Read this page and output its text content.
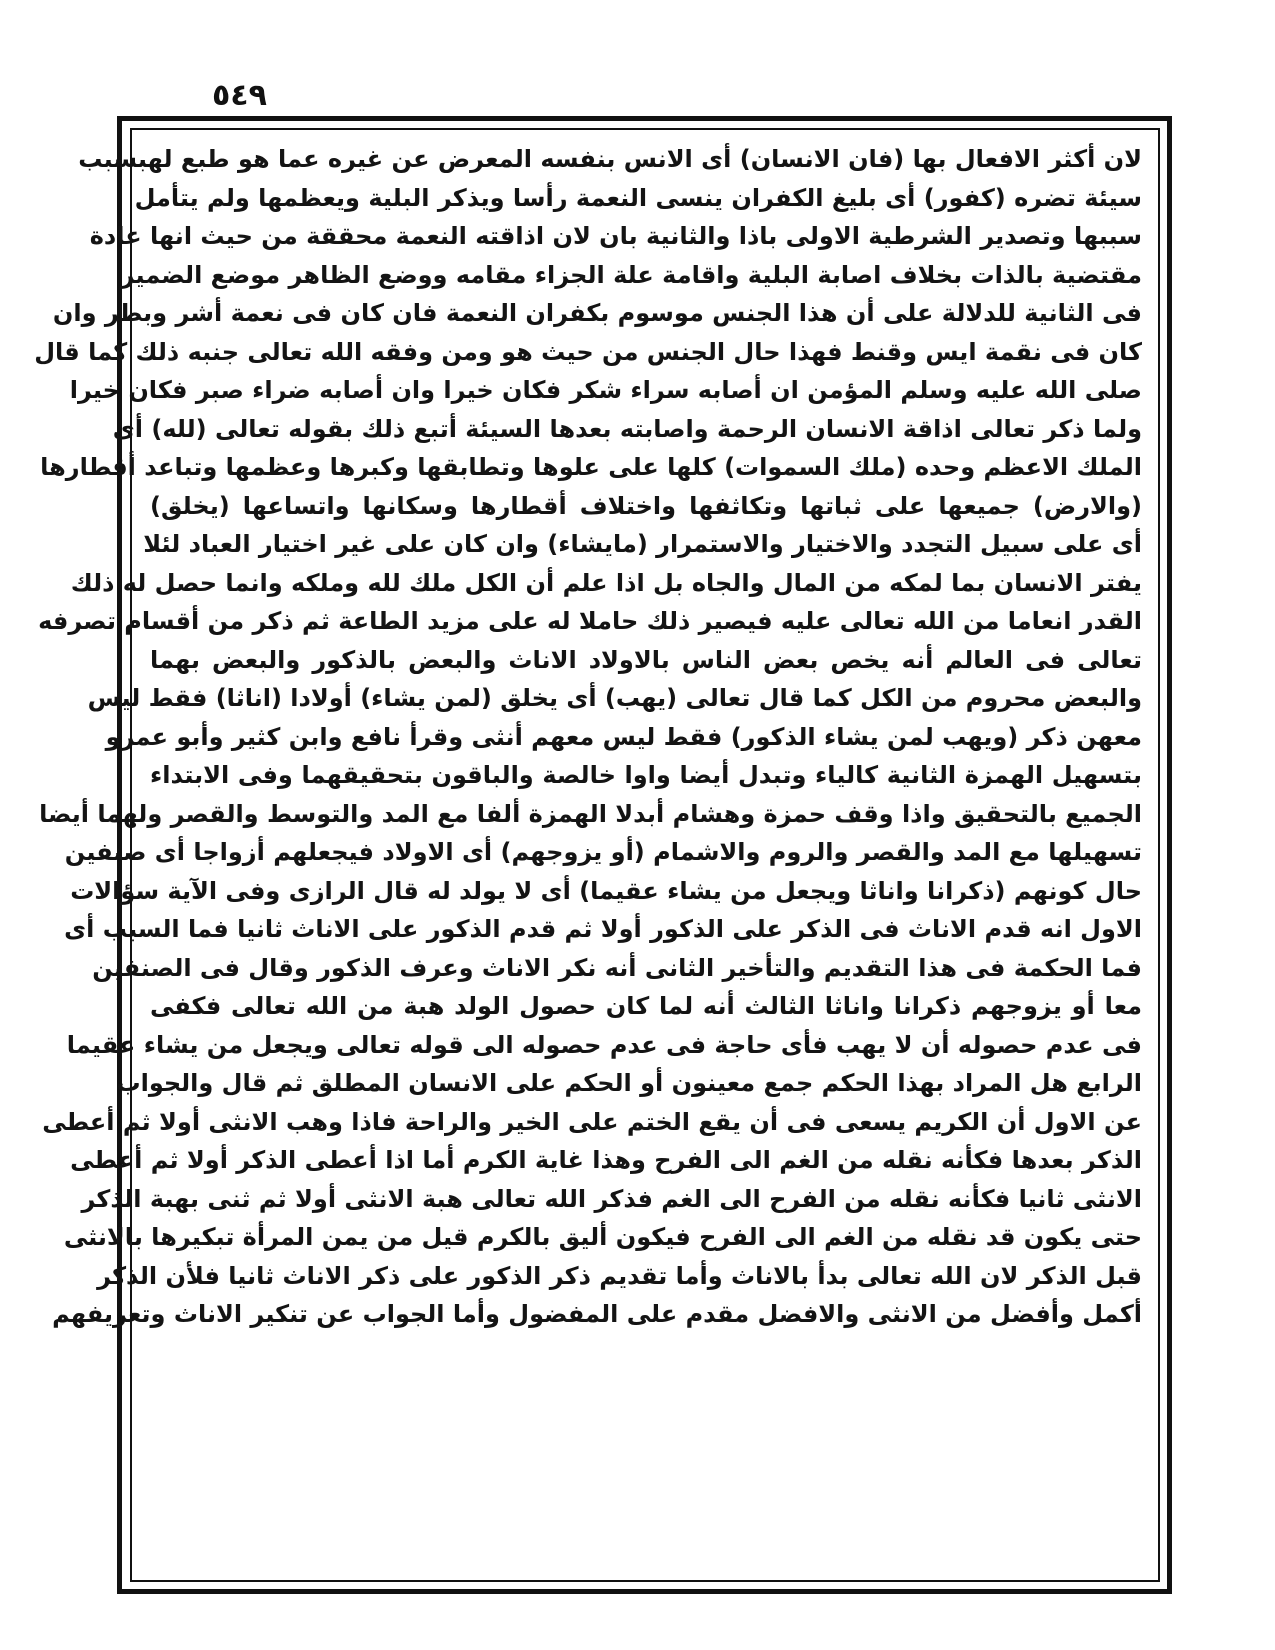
٥٤٩
لان أكثر الافعال بها (فان الانسان) أى الانس بنفسه المعرض عن غيره عما هو طبع لهبسبب
سيئة تضره (كفور) أى بليغ الكفران ينسى النعمة رأسا ويذكر البلية ويعظمها ولم يتأمل
سببها وتصدير الشرطية الاولى باذا والثانية بان لان اذاقته النعمة محققة من حيث انها عادة
مقتضية بالذات بخلاف اصابة البلية واقامة علة الجزاء مقامه ووضع الظاهر موضع الضمير
فى الثانية للدلالة على أن هذا الجنس موسوم بكفران النعمة فان كان فى نعمة أشر وبطر وان
كان فى نقمة ايس وقنط فهذا حال الجنس من حيث هو ومن وفقه الله تعالى جنبه ذلك كما قال
صلى الله عليه وسلم المؤمن ان أصابه سراء شكر فكان خيرا وان أصابه ضراء صبر فكان خيرا
ولما ذكر تعالى اذاقة الانسان الرحمة واصابته بعدها السيئة أتبع ذلك بقوله تعالى (لله) أى
الملك الاعظم وحده (ملك السموات) كلها على علوها وتطابقها وكبرها وعظمها وتباعد أقطارها
(والارض) جميعها على ثباتها وتكاثفها واختلاف أقطارها وسكانها واتساعها (يخلق)
أى على سبيل التجدد والاختيار والاستمرار (مايشاء) وان كان على غير اختيار العباد لئلا
يفتر الانسان بما لمكه من المال والجاه بل اذا علم أن الكل ملك لله وملكه وانما حصل له ذلك
القدر انعاما من الله تعالى عليه فيصير ذلك حاملا له على مزيد الطاعة ثم ذكر من أقسام تصرفه
تعالى فى العالم أنه يخص بعض الناس بالاولاد الاناث والبعض بالذكور والبعض بهما
والبعض محروم من الكل كما قال تعالى (يهب) أى يخلق (لمن يشاء) أولادا (اناثا) فقط ليس
معهن ذكر (ويهب لمن يشاء الذكور) فقط ليس معهم أنثى وقرأ نافع وابن كثير وأبو عمرو
بتسهيل الهمزة الثانية كالياء وتبدل أيضا واوا خالصة والباقون بتحقيقهما وفى الابتداء
الجميع بالتحقيق واذا وقف حمزة وهشام أبدلا الهمزة ألفا مع المد والتوسط والقصر ولهما أيضا
تسهيلها مع المد والقصر والروم والاشمام (أو يزوجهم) أى الاولاد فيجعلهم أزواجا أى صنفين
حال كونهم (ذكرانا واناثا ويجعل من يشاء عقيما) أى لا يولد له قال الرازى وفى الآية سؤالات
الاول انه قدم الاناث فى الذكر على الذكور أولا ثم قدم الذكور على الاناث ثانيا فما السبب أى
فما الحكمة فى هذا التقديم والتأخير الثانى أنه نكر الاناث وعرف الذكور وقال فى الصنفين
معا أو يزوجهم ذكرانا واناثا الثالث أنه لما كان حصول الولد هبة من الله تعالى فكفى
فى عدم حصوله أن لا يهب فأى حاجة فى عدم حصوله الى قوله تعالى ويجعل من يشاء عقيما
الرابع هل المراد بهذا الحكم جمع معينون أو الحكم على الانسان المطلق ثم قال والجواب
عن الاول أن الكريم يسعى فى أن يقع الختم على الخير والراحة فاذا وهب الانثى أولا ثم أعطى
الذكر بعدها فكأنه نقله من الغم الى الفرح وهذا غاية الكرم أما اذا أعطى الذكر أولا ثم أعطى
الانثى ثانيا فكأنه نقله من الفرح الى الغم فذكر الله تعالى هبة الانثى أولا ثم ثنى بهبة الذكر
حتى يكون قد نقله من الغم الى الفرح فيكون أليق بالكرم قيل من يمن المرأة تبكيرها بالانثى
قبل الذكر لان الله تعالى بدأ بالاناث وأما تقديم ذكر الذكور على ذكر الاناث ثانيا فلأن الذكر
أكمل وأفضل من الانثى والافضل مقدم على المفضول وأما الجواب عن تنكير الاناث وتعريفهم
